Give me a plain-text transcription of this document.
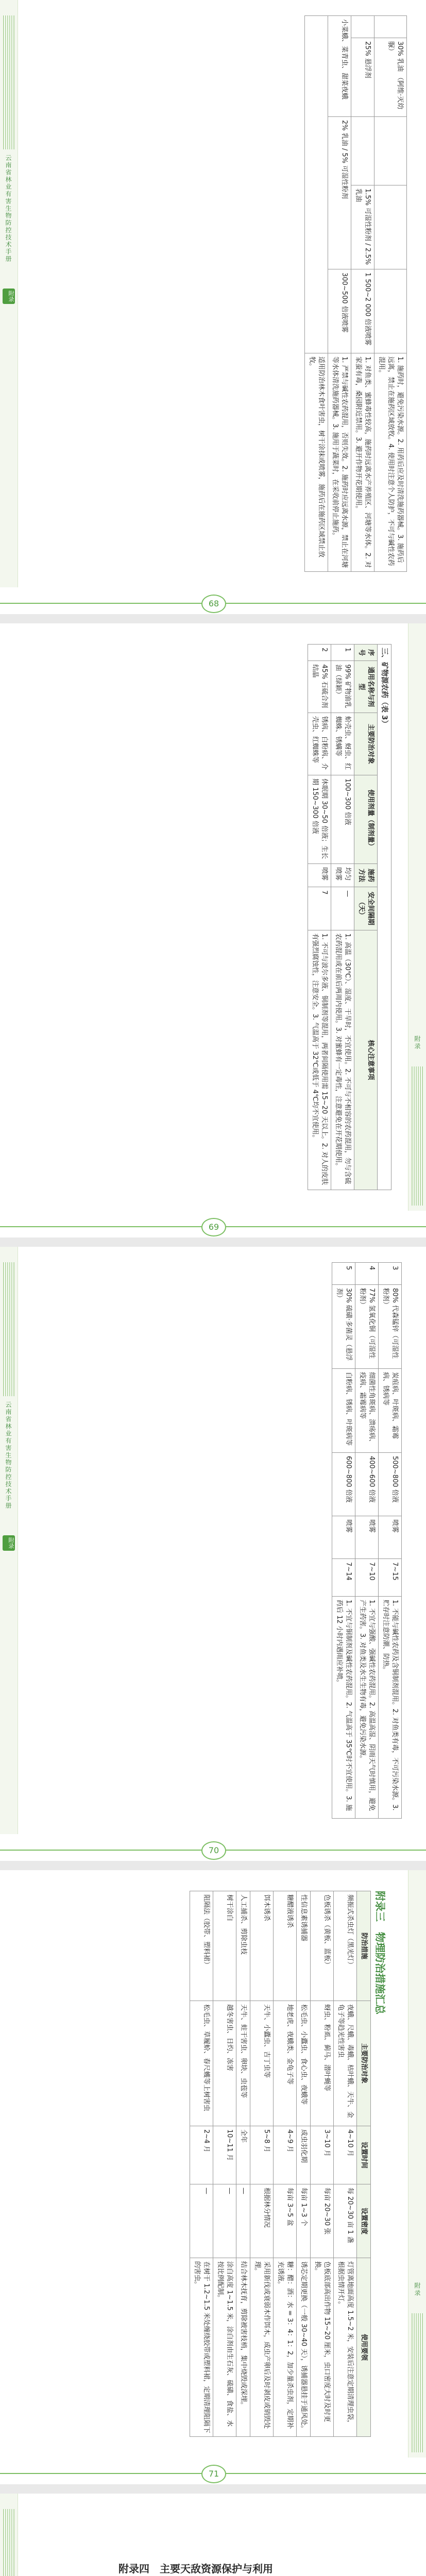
云南省林业有害生物防控技术手册
附录
	30% 乳油 （阿维·灭幼脲）				1. 施药时，避免污染水源。2. 用药后应及时清洗施药器械。3. 施药后远离，禁止在施药区域放牧。4. 使用时注意个人防护，不可与碱性农药混用。
	25% 悬浮剂		1.5% 可湿性粉剂 / 2.5% 乳油	1 500~2 000 倍液喷雾	1. 对鱼类、蜜蜂毒性较高，施药时远离水产养殖区、河塘等水体。2. 对家蚕有毒，桑园附近禁用。3. 避开作物开花期使用。
小菜蛾、菜青虫、甜菜夜蛾		2% 乳油 / 5% 可湿性粉剂		300~500 倍液喷雾	1. 严禁与碱性农药混用，否则失效。2. 施药时应远离水源，禁止在河塘等水体清洗施药器械。3. 施用于蔬菜时，在采收前停止施药。
					适用防治林木食叶害虫，树干涂抹或喷雾，施药后在施药区域禁止放牧。
68
附录
三、矿物源农药（表 3）						
序号	通用名称与剂型	主要防治对象	使用剂量（制剂量）	施药方法	安全间隔期（天）	核心注意事项
1	99% 矿物油乳油（绿颖）	蚧壳虫、蚜虫、红蜘蛛、锈螨等	100~300 倍液	均匀喷雾	—	1. 高温（30℃）、湿度、干旱时，不宜使用。2. 不可与不相容的农药混用，勿与含硫农药混用或在前后两周内使用。3. 对蜜蜂有一定毒性，注意避免在开花期使用。
2	45% 石硫合剂结晶	锈病、白粉病、介壳虫、红蜘蛛等	休眠期 30~50 倍液；生长期 150~300 倍液	喷雾	7	1. 不可与波尔多液、铜制剂等混用，两者间隔使用需 15~20 天以上。2. 对人的皮肤有强烈腐蚀性，注意安全。3. 气温高于 32℃或低于 4℃均不宜使用。
69
云南省林业有害生物防控技术手册
附录
3	80% 代森锰锌（可湿性粉剂）	炭疽病、叶斑病、霜霉病、锈病等	500~800 倍液	喷雾	7~15	1. 不能与碱性农药及含铜制剂混用。2. 对鱼类有毒，不可污染水源。3. 贮存时注意防潮、防热。
4	77% 氢氧化铜（可湿性粉剂）	细菌性角斑病、溃疡病、疫病、霜霉病等	400~600 倍液	喷雾	7~10	1. 不宜与强酸、强碱性农药混用。2. 高温高湿、阴雨天气时慎用，避免产生药害。3. 对鱼类及水生生物有毒，避免污染水源。
5	30% 硫磺·多菌灵（悬浮剂）	白粉病、锈病、叶斑病等	600~800 倍液	喷雾	7~14	1. 不宜与铜制剂及碱性农药混用。2. 气温高于 35℃时不宜使用。3. 施药后 12 小时内遇雨应补喷。
70
附录
附录三　物理防治措施汇总
防治措施	主要防治对象	设置时间	设置密度	使用要领
频振式杀虫灯（黑光灯）	夜蛾、尺蛾、毒蛾、枯叶蛾、天牛、金龟子等趋光性害虫	4~10 月	每 20~30 亩 1 盏	灯管离地面高度 1.5~2 米，安装后注意定期清理虫袋，根据虫情开灯。
色板诱杀（黄板、蓝板）	蚜虫、粉虱、蓟马、潜叶蝇等	3~10 月	每亩 20~30 张	色板底部高出作物 15~20 厘米，虫口密度大时及时更换。
性信息素诱捕器	松毛虫、小蠹虫、食心虫、夜蛾等	成虫羽化期	每亩 1~3 个	诱芯定期更换（一般 30~40 天），诱捕器悬挂于通风处。
糖醋液诱杀	地老虎、夜蛾类、金龟子等	4~9 月	每亩 3~5 盆	糖：醋：酒：水 = 3：4：1：2，加少量杀虫剂，定期补充诱液。
饵木诱杀	天牛、小蠹虫、吉丁虫等	5~8 月	根据林分情况	采用新伐或衰弱木作饵木，成虫产卵后及时剥皮或销毁处理。
人工捕杀、剪除虫枝	天牛、蛀干害虫、卵块、虫苞等	全年	—	结合林木抚育，剪除被害枝梢，集中烧毁或深埋。
树干涂白	越冬害虫、日灼、冻害	10~11 月	—	涂白高度 1~1.5 米，涂白剂由生石灰、硫磺、食盐、水按比例配制。
阻隔法（胶带、塑料裙）	松毛虫、草履蚧、春尺蠖等上树害虫	2~4 月	—	在树干 1.2~1.5 米处缠绕胶带或塑料裙，定期清理阻隔下的害虫。
71
附录四　主要天敌资源保护与利用
